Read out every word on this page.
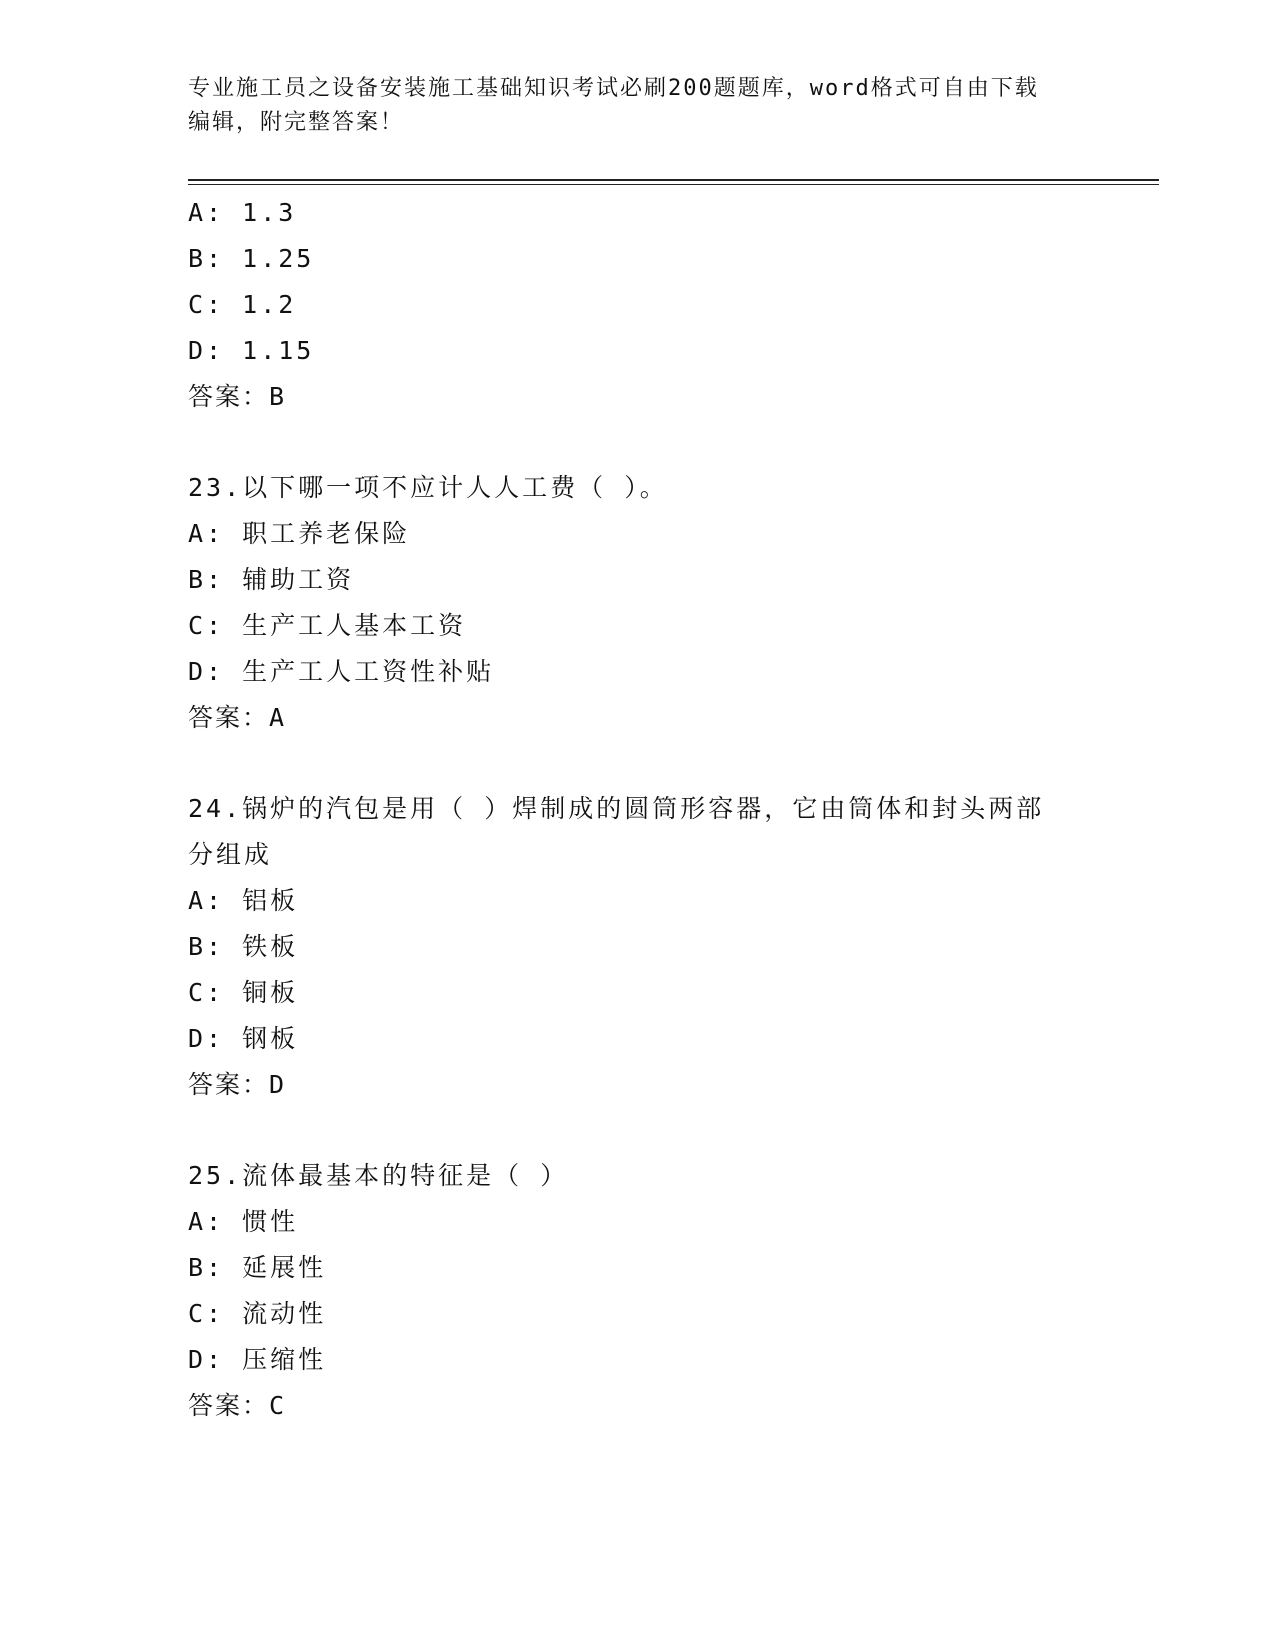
专业施工员之设备安装施工基础知识考试必刷200题题库，word格式可自由下载
编辑，附完整答案！
A: 1.3
B: 1.25
C: 1.2
D: 1.15
答案：B
23.以下哪一项不应计人人工费（ ）。
A: 职工养老保险
B: 辅助工资
C: 生产工人基本工资
D: 生产工人工资性补贴
答案：A
24.锅炉的汽包是用（ ）焊制成的圆筒形容器，它由筒体和封头两部
分组成
A: 铝板
B: 铁板
C: 铜板
D: 钢板
答案：D
25.流体最基本的特征是（ ）
A: 惯性
B: 延展性
C: 流动性
D: 压缩性
答案：C
